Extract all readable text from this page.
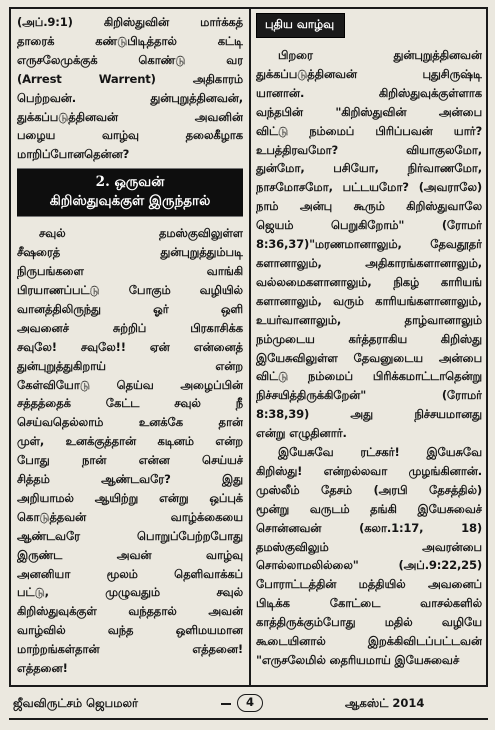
(அப்.9:1) கிறிஸ்துவின் மார்க்கத்
தாரைக் கண்டுபிடித்தால் கட்டி
எருசலேமுக்குக் கொண்டு வர
(Arrest Warrent) அதிகாரம்
பெற்றவன். துன்புறுத்தினவன்,
துக்கப்படுத்தினவன் அவனின்
பழைய வாழ்வு தலைகீழாக
மாறிப்போனதென்ன?
2. ஒருவன்
கிறிஸ்துவுக்குள் இருந்தால்
சவுல் தமஸ்குவிலுள்ள
சீஷரைத் துன்புறுத்தும்படி
நிருபங்களை வாங்கி
பிரயாணப்பட்டு போகும் வழியில்
வானத்திலிருந்து ஓர் ஒளி
அவனைச் சுற்றிப் பிரகாசிக்க
சவுலே! சவுலே!! ஏன் என்னைத்
துன்புறுத்துகிறாய் என்ற
கேள்வியோடு தெய்வ அழைப்பின்
சத்தத்தைக் கேட்ட சவுல் நீ
செய்வதெல்லாம் உனக்கே தான்
முள், உனக்குத்தான் கடினம் என்ற
போது நான் என்ன செய்யச்
சித்தம் ஆண்டவரே? இது
அறியாமல் ஆயிற்று என்று ஒப்புக்
கொடுத்தவன் வாழ்க்கையை
ஆண்டவரே பொறுப்பேற்றபோது
இருண்ட அவன் வாழ்வு
அனனியா மூலம் தெளிவாக்கப்
பட்டு, முழுவதும் சவுல்
கிறிஸ்துவுக்குள் வந்ததால் அவன்
வாழ்வில் வந்த ஒளிமயமான
மாற்றங்கள்தான் எத்தனை!
எத்தனை!
புதிய வாழ்வு
பிறரை துன்புறுத்தினவன்
துக்கப்படுத்தினவன் புதுசிருஷ்டி
யானான். கிறிஸ்துவுக்குள்ளாக
வந்தபின் "கிறிஸ்துவின் அன்பை
விட்டு நம்மைப் பிரிப்பவன் யார்?
உபத்திரவமோ? வியாகுலமோ,
துன்மோ, பசியோ, நிர்வாணமோ,
நாசமோசமோ, பட்டயமோ? (அவராலே)
நாம் அன்பு கூரும் கிறிஸ்துவாலே
ஜெயம் பெறுகிறோம்" (ரோமர்
8:36,37)"மரணமானாலும், தேவதூதர்
களானாலும், அதிகாரங்களானாலும்,
வல்லமைகளானாலும், நிகழ் காரியங்
களானாலும், வரும் காரியங்களானாலும்,
உயர்வானாலும், தாழ்வானாலும்
நம்முடைய கர்த்தராகிய கிறிஸ்து
இயேசுவிலுள்ள தேவனுடைய அன்பை
விட்டு நம்மைப் பிரிக்கமாட்டாதென்று
நிச்சயித்திருக்கிறேன்" (ரோமர்
8:38,39) அது நிச்சயமானது
என்று எழுதினார்.
இயேசுவே ரட்சகர்! இயேசுவே
கிறிஸ்து! என்றல்லவா முழங்கினான்.
முஸ்லீம் தேசம் (அரபி தேசத்தில்)
மூன்று வருடம் தங்கி இயேசுவைச்
சொன்னவன் (கலா.1:17, 18)
தமஸ்குவிலும் அவரன்பை
சொல்லாமலில்லை" (அப்.9:22,25)
போராட்டத்தின் மத்தியில் அவனைப்
பிடிக்க கோட்டை வாசல்களில்
காத்திருக்கும்போது மதில் வழியே
கூடையினால் இறக்கிவிடப்பட்டவன்
"எருசலேமில் தைரியமாய் இயேசுவைச்
ஜீவவிருட்சம் ஜெபமலர்	4	ஆகஸ்ட் 2014
